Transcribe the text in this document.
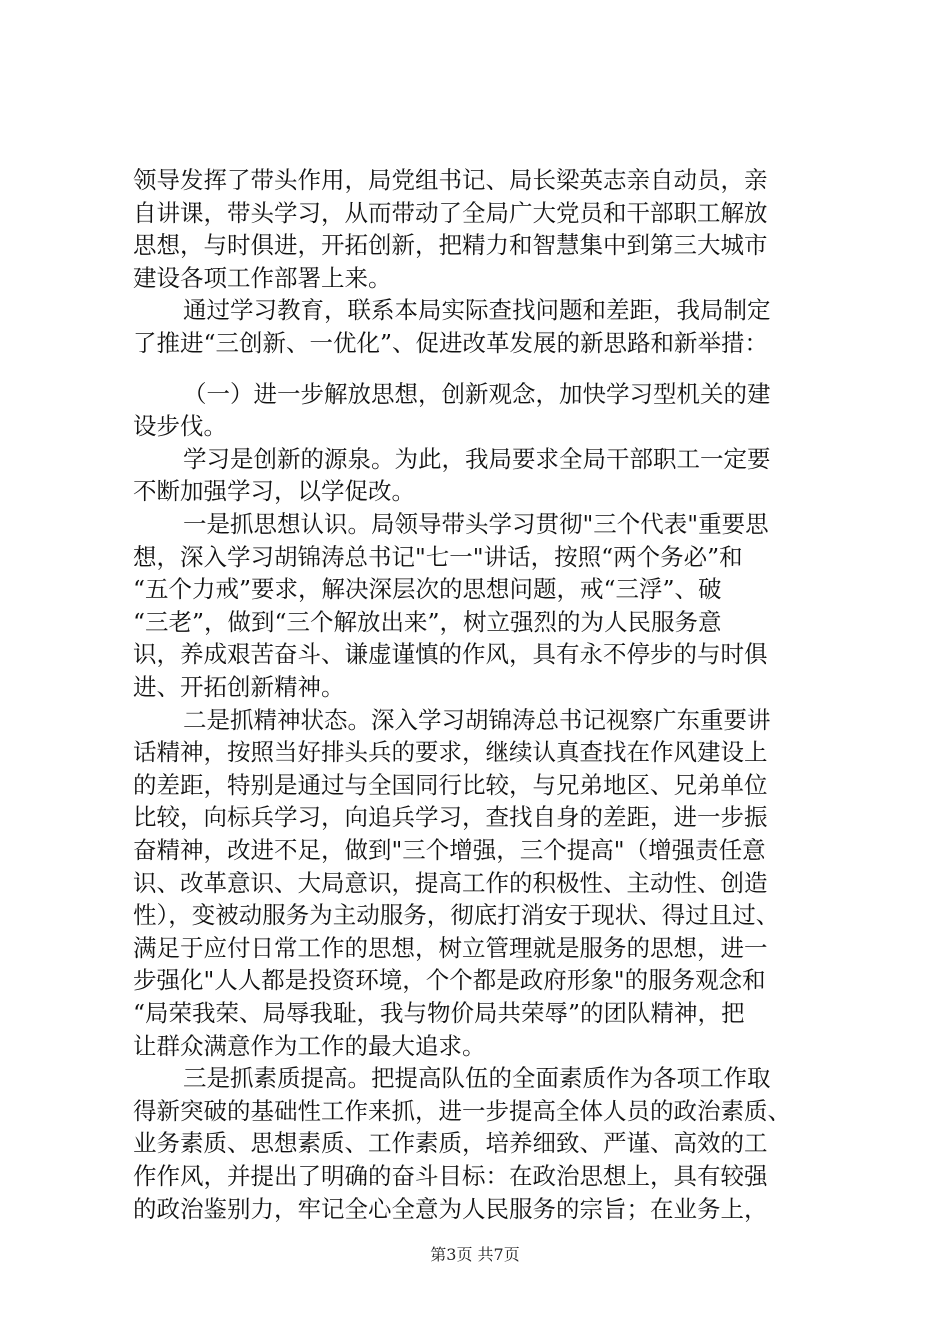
领导发挥了带头作用，局党组书记、局长梁英志亲自动员，亲
自讲课，带头学习，从而带动了全局广大党员和干部职工解放
思想，与时俱进，开拓创新，把精力和智慧集中到第三大城市
建设各项工作部署上来。
通过学习教育，联系本局实际查找问题和差距，我局制定
了推进“三创新、一优化”、促进改革发展的新思路和新举措：
（一）进一步解放思想，创新观念，加快学习型机关的建
设步伐。
学习是创新的源泉。为此，我局要求全局干部职工一定要
不断加强学习，以学促改。
一是抓思想认识。局领导带头学习贯彻"三个代表"重要思
想，深入学习胡锦涛总书记"七一"讲话，按照“两个务必”和
“五个力戒”要求，解决深层次的思想问题，戒“三浮”、破
“三老”，做到“三个解放出来”，树立强烈的为人民服务意
识，养成艰苦奋斗、谦虚谨慎的作风，具有永不停步的与时俱
进、开拓创新精神。
二是抓精神状态。深入学习胡锦涛总书记视察广东重要讲
话精神，按照当好排头兵的要求，继续认真查找在作风建设上
的差距，特别是通过与全国同行比较，与兄弟地区、兄弟单位
比较，向标兵学习，向追兵学习，查找自身的差距，进一步振
奋精神，改进不足，做到"三个增强，三个提高"（增强责任意
识、改革意识、大局意识，提高工作的积极性、主动性、创造
性），变被动服务为主动服务，彻底打消安于现状、得过且过、
满足于应付日常工作的思想，树立管理就是服务的思想，进一
步强化"人人都是投资环境，个个都是政府形象"的服务观念和
“局荣我荣、局辱我耻，我与物价局共荣辱”的团队精神，把
让群众满意作为工作的最大追求。
三是抓素质提高。把提高队伍的全面素质作为各项工作取
得新突破的基础性工作来抓，进一步提高全体人员的政治素质、
业务素质、思想素质、工作素质，培养细致、严谨、高效的工
作作风，并提出了明确的奋斗目标：在政治思想上，具有较强
的政治鉴别力，牢记全心全意为人民服务的宗旨；在业务上，
第3页 共7页
